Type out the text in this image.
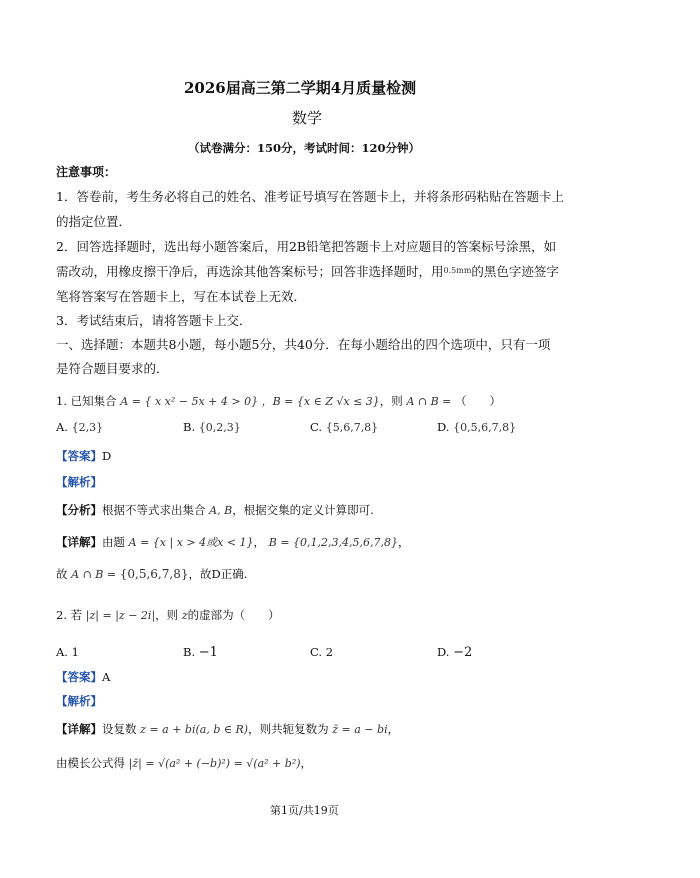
2026届高三第二学期4月质量检测
数学
（试卷满分：150分，考试时间：120分钟）
注意事项：
1．答卷前，考生务必将自己的姓名、准考证号填写在答题卡上，并将条形码粘贴在答题卡上
的指定位置．
2．回答选择题时，选出每小题答案后，用2B铅笔把答题卡上对应题目的答案标号涂黑，如
需改动，用橡皮擦干净后，再选涂其他答案标号；回答非选择题时，用$^{0.5mm}$的黑色字迹签字
笔将答案写在答题卡上，写在本试卷上无效．
3．考试结束后，请将答题卡上交．
一、选择题：本题共8小题，每小题5分，共40分．在每小题给出的四个选项中，只有一项
是符合题目要求的．
1. 已知集合 A = { x x² − 5x + 4 > 0} ，B = {x ∈ Z √x ≤ 3}，则 A ∩ B = （　　）
A. {2,3}	B. {0,2,3}	C. {5,6,7,8}	D. {0,5,6,7,8}
【答案】D
【解析】
【分析】根据不等式求出集合 A, B，根据交集的定义计算即可.
【详解】由题 A = {x | x > 4或x < 1}， B = {0,1,2,3,4,5,6,7,8}，
故 A ∩ B = {0,5,6,7,8}，故D正确.
2. 若 |z| = |z − 2i|，则 z的虚部为（　　）
A. 1	B. −1	C. 2	D. −2
【答案】A
【解析】
【详解】设复数 z = a + bi(a, b ∈ R)，则共轭复数为 z̄ = a − bi，
由模长公式得 |z̄| = √(a² + (−b)²) = √(a² + b²)，
第1页/共19页
